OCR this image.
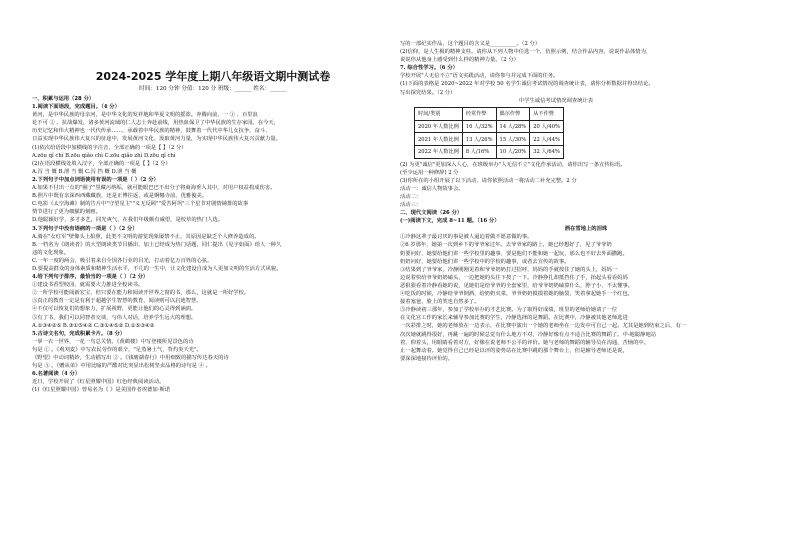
2024-2025 学年度上期八年级语文期中测试卷
时间：120 分钟 分值：120 分 班级：______ 姓名：______
一、积累与运用（28 分）
1.阅读下面语段，完成题目。（4 分）
黄河，是中华民族的母亲河，是中华文化的发祥地和华夏文明的摇篮。奔腾向前，一 ① 、百里浪
花不可 ② 。抗战爆发，诸多黄河流域的仁人志士奔赴前线，用热血保卫了中华民族的生存家园。在今天，
历史记忆和伟大精神也一代代传承……，承载着中华民族的精神，鼓舞着一代代中华儿女抗争、奋斗、
日益实现中华民族伟大复兴的征途中，发展黄河文化、汲取黄河力量，为实现中华民族伟大复兴贡献力量。
(1)依次给语段中加横线的字注音，全部正确的一项是【 】（2 分）
A.zōu qǐ chì B.zōu qiǎo chì C.zōu qiǎo zhì D.zōu qǐ chì
(2)在语段横线处填入汉字，全部正确的一项是【 】（2 分）
A.泻 当 慨 B.泄 当 慨 C.泻 挡 概 D.泄 当 概
2.下列句子中加点词语使用有误的一项是（ ）（2 分）
A.如果不付出一点的"圈子"里藏污纳垢，就可能眼巴巴不出分子将商海垂入其中，对用户权益构成伤害。
B.照片中既有亲深西西藏藏族，还是正博往返，或是婀娜寺前，优雅俊美。
C.电影《太空海滩》制的告片中"守望星主""义无反顾""爱苦阿巩"三个星节对剧情铺排的故事
情节进行了更为细腻的刻画。
D.他聪颖好学，多才多艺，同光爽气，在我们年级颇有威望，是校草的热门人选。
3.下列句子中没有语病的一项是（ ）（2 分）
A.骑在"女红军"壁像头上拍照，此类不文明的游览现象屡禁不止，其原因是缺乏个人修养造成的。
B.一档名为《朗读者》的大型朗读类节目播出，加上已经成为热门话题，同仁提出《见字如面》给人一种久
违的文化现象。
C.一年一度的两会，吸引着来自全国各行业的目光，打动着亿万百姓的心弦。
D.要提高群众的身体素质和精神生活水平，不几的一生中，让文化建设自成为人更加文明的生活方式风貌。
4.给下列句子排序，最恰当的一项是（ ）（2 分）
①建设书香型校园，就需要大力推进全校读书。
②一所学校可能阅新宏宝，但只要在能力和阅读开世界之窗的书，那么，这就是一所好学校。
③真正的教育一定是有利于超越学生智慧的教育，阅读则可以启迪智慧。
④不仅可以恢复们的想象力，扩展视野，更能让他们的心灵得到涵润。
⑤有了书，我们可以同智者交谈，与伟人对话，培养学生远大的理想。
A.①③④②⑤ B.③①⑤④② C.③①④⑤② D.①⑤③④②
5.古诗文名句，完成积累卡片。（8 分）
一掌一衣一世界，一花一鸟总关情。《黄鹤楼》中写登楼所见景色的诗
句是 ① 。《观刈麦》中写农民劳作的艰辛，"足蒸暑土气，背灼炎天光"。
《野望》中动词精妙，生动描写出 ② 。《钱塘湖春行》中用细致的描写传达春天的诗
句是 ③ 。《赠从弟》中用比喻的严酷对比突显出松树坚贞品格的诗句是 ④ 。
6.名著阅读（4 分）
近日，学校开展了《红星照耀中国》红色经典阅读活动。
(1)《红星照耀中国》曾易名为《 》是美国作者埃德加·斯诺
写的一部纪实作品，这个题目的含义是__________。（2 分）
(2)信仰，是人生极的精神支柱。请你从下列人物中任选一个，仿照示例，结合作品内容，说说作品体情为，
说说你从他身上感受到什么样的精神力量。（2 分）
7. 综合性学习。（6 分）
学校开展"人无信不立"语文实践活动，请你参与并完成下面的任务。
(1)下面的表格是 2020~2022 年对学校 50 名学生诚信考试情况的调查统计表，请你分析数据并得出结论。
写出探究结果。（2 分）
中学生诚信考试情况调查统计表
时间/类别	经常作弊	偶尔作弊	从不作弊
2020 年人数比例	16 人/32%	14 人/28%	20 人/40%
2021 年人数比例	13 人/26%	15 人/30%	22 人/44%
2022 年人数比例	8 人/16%	10 人/20%	32 人/64%
(2) 为更"诚信"更加深入人心，在班级举办"人无信不立"文化作承活动，请你出写一条宣传标语。
(至少运用一种修辞) 2 分
(3)你所在的小组开展了以下活动，请你依照活动一将活动二补充完整。2 分
活动一：诚信人物故事会。
活动二：
活动三：
二、现代文阅读（26 分）
(一)阅读下文，完成 8~11 题。（16 分）
洒在雪地上的泪珠
①冷静这辈子最讨厌的事是被人逼迫着做不愿意做的事。
②6 岁那年，她第一次到乡下的爷爷家过年。去爷爷家的路上，她已经想好了，见了爷爷奶
奶要问好，她要给他们讲一些学校里的趣事，要是他们不能和她一起玩，那么也不好去外面撒跑。
奶奶问好，她要给他们讲一些学校中的学校的趣事，或者去宣传的故事。
③结果到了爷爷家，冷静刚刚见着和爷爷奶奶打过招呼，妈妈的手就按住了她的头上，妈妈一
边说着快给爷爷奶奶磕头，一边把她的头往下按了一下。冷静挣扎却抵挡住了手，抬起头看看妈妈
恶狠狠看着冷静看她的说，见她们是给爷爷的全套家里，给爷爷奶奶磕算什么，脖子小，不太懂事。
④吃饭的时候，冷静给爷爷倒酒，给奶奶夹菜，爷爷奶奶摸摸着她的脑袋，笑着拿起她手一个红包，
接着塞爸，脸上的笑也自然多了。
⑤冷静读初三那年，参加了学校举办的才艺比赛。为了取得好成绩，班里的老师给她请了一位
在文化宫工作的家长来辅导参加比赛的学生，冷静选择的是舞蹈。在比赛中，冷静被其他老师选进
一次彩排之时，她的老师放在一边表示，在比赛中演出一个她的老师坐在一边发中可自己一起。尤其是她到结束之后，有一
次次她就跳得很好，再跳一遍的时候总觉有什么地方不对，冷静好像有点不适合比赛的舞蹈了。中-地聪静地站
着，仰着头，用眼睛看着对方，好像在说老师不公平的评价。她与老师的舞蹈的辅导员在沟通，苦恼的中。
止一起舞动着。她觉得自己已经是以评的姿势站在比赛中跳的那个舞台上，但是辅导老师还是说，
要深深地接待评价的。
